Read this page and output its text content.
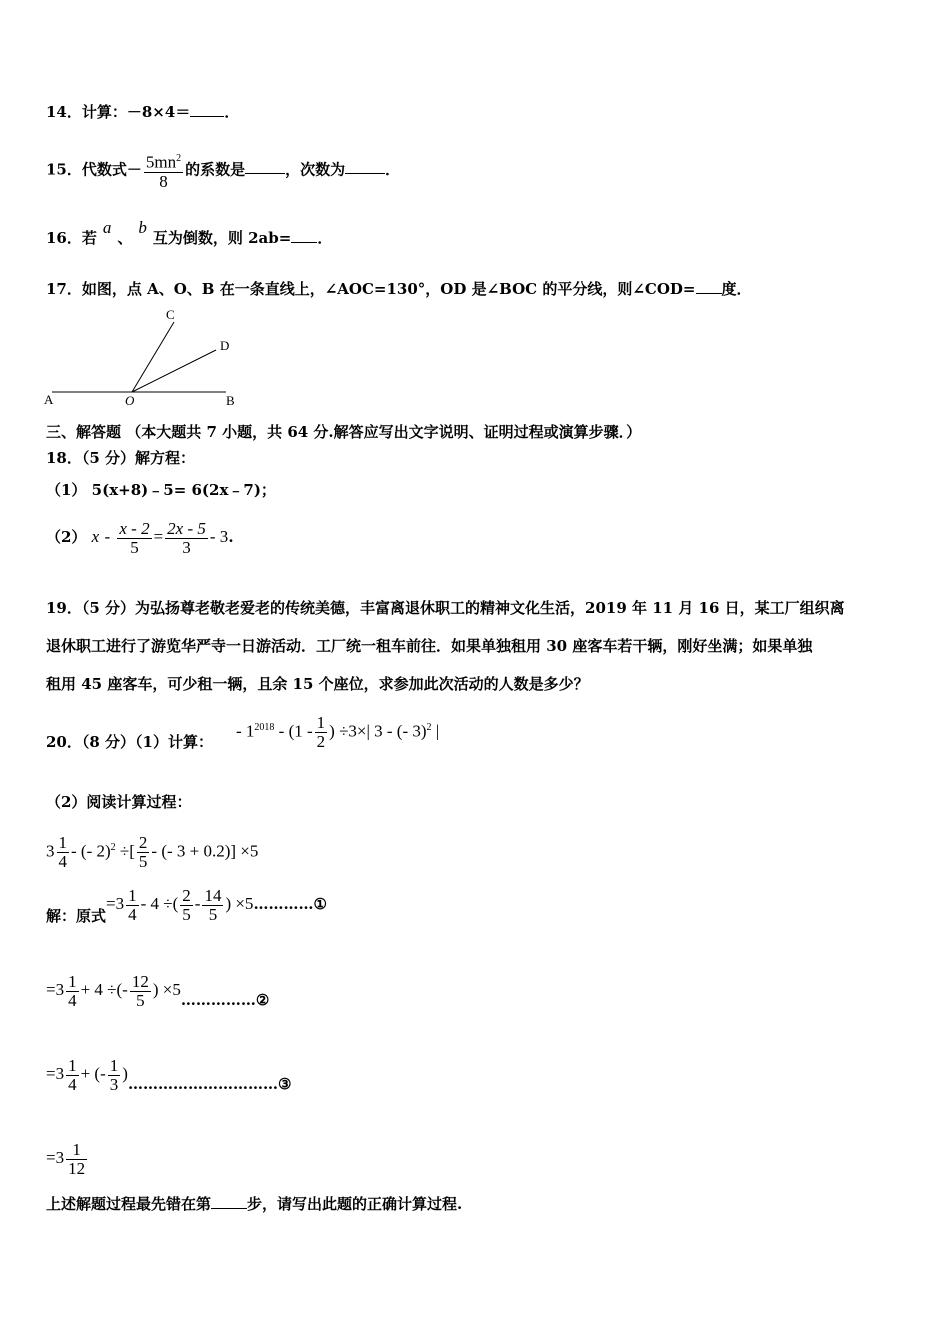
14．计算：－8×4＝ ．
15．代数式－ $\frac{5mn^2}{8}$ 的系数是	，次数为	．
16．若a、b互为倒数，则 2ab= ．
17．如图，点 A、O、B 在一条直线上，∠AOC=130°，OD 是∠BOC 的平分线，则∠COD= 度．
A	O	B
C
D
三、解答题 （本大题共 7 小题，共 64 分.解答应写出文字说明、证明过程或演算步骤．）
18．（5 分）解方程：
（1） 5(x+8)﹣5= 6(2x﹣7)；
（2） $x - \frac{x - 2}{5} = \frac{2x - 5}{3} - 3$.
19．（5 分）为弘扬尊老敬老爱老的传统美德，丰富离退休职工的精神文化生活，2019 年 11 月 16 日，某工厂组织离
退休职工进行了游览华严寺一日游活动．工厂统一租车前往．如果单独租用 30 座客车若干辆，刚好坐满；如果单独
租用 45 座客车，可少租一辆，且余 15 个座位，求参加此次活动的人数是多少？
20．（8 分）（1）计算：
- $1^{2018} - (1 - \frac{1}{2}$ ) ÷3×| 3 - (- 3)$^2$ |
（2）阅读计算过程：
$3 \frac{1}{4}$ - (- 2)$^2$ ÷[ $\frac{2}{5}$ - (- 3 + 0.2)] ×5
解：原式$=3 \frac{1}{4} - 4$ ÷( $\frac{2}{5} - \frac{14}{5}$ ) ×5…………①
$=3 \frac{1}{4} + 4$ ÷(- $\frac{12}{5}$ ) ×5……………②
$=3 \frac{1}{4}$ + (- $\frac{1}{3}$ )…………………………③
$=3 \frac{1}{12}$
上述解题过程最先错在第 步，请写出此题的正确计算过程.
